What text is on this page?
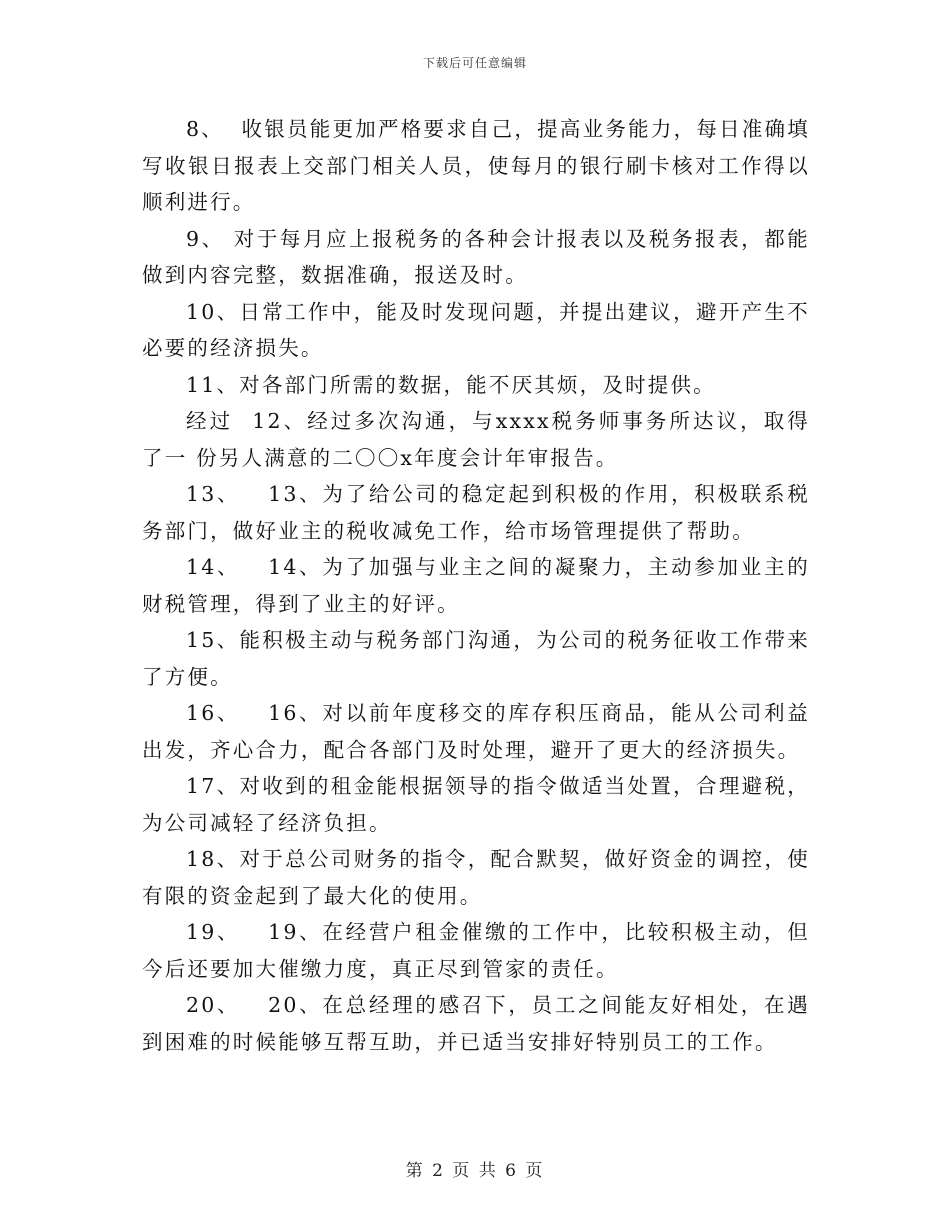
下载后可任意编辑

8、  收银员能更加严格要求自己，提高业务能力，每日准确填写收银日报表上交部门相关人员，使每月的银行刷卡核对工作得以顺利进行。

9、 对于每月应上报税务的各种会计报表以及税务报表，都能做到内容完整，数据准确，报送及时。

10、日常工作中，能及时发现问题，并提出建议，避开产生不必要的经济损失。

11、对各部门所需的数据，能不厌其烦，及时提供。

经过  12、经过多次沟通，与xxxx税务师事务所达议，取得了一 份另人满意的二〇〇x年度会计年审报告。

13、   13、为了给公司的稳定起到积极的作用，积极联系税务部门，做好业主的税收减免工作，给市场管理提供了帮助。

14、   14、为了加强与业主之间的凝聚力，主动参加业主的财税管理，得到了业主的好评。

15、能积极主动与税务部门沟通，为公司的税务征收工作带来了方便。

16、   16、对以前年度移交的库存积压商品，能从公司利益出发，齐心合力，配合各部门及时处理，避开了更大的经济损失。

17、对收到的租金能根据领导的指令做适当处置，合理避税，为公司减轻了经济负担。

18、对于总公司财务的指令，配合默契，做好资金的调控，使有限的资金起到了最大化的使用。

19、   19、在经营户租金催缴的工作中，比较积极主动，但今后还要加大催缴力度，真正尽到管家的责任。

20、   20、在总经理的感召下，员工之间能友好相处，在遇到困难的时候能够互帮互助，并已适当安排好特别员工的工作。

第 2 页 共 6 页
